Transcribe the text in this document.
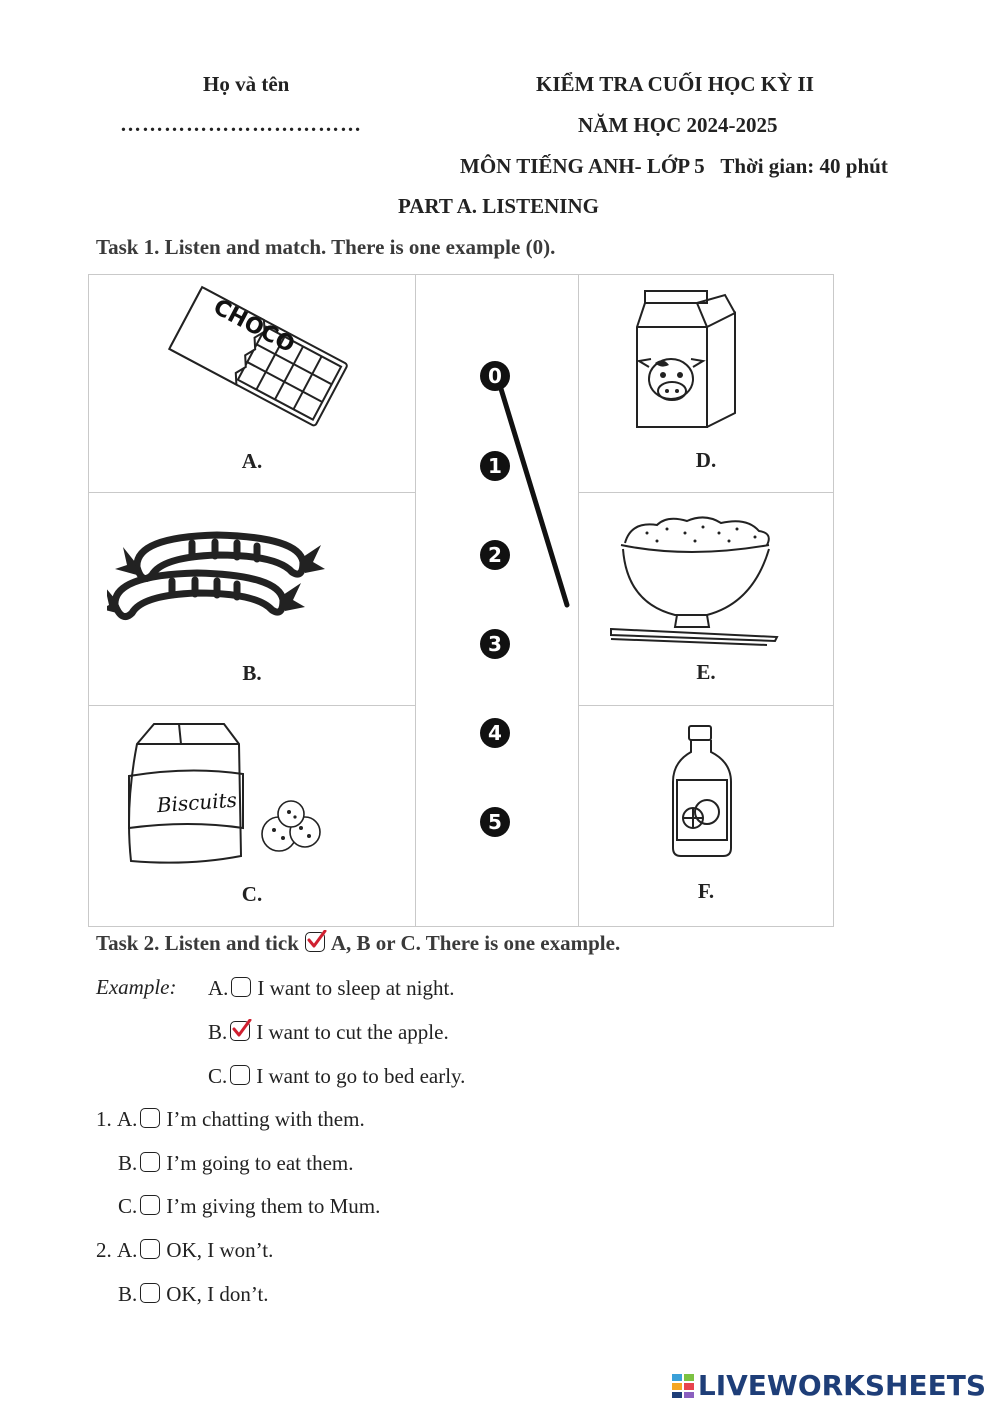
Họ và tên
……………………………
KIỂM TRA CUỐI HỌC KỲ II
NĂM HỌC 2024-2025
MÔN TIẾNG ANH- LỚP 5 Thời gian: 40 phút
PART A. LISTENING
Task 1. Listen and match. There is one example (0).
CHOCO
A.
B.
Biscuits
C.
0
1
2
3
4
5
D.
E.
F.
Task 2. Listen and tick A, B or C. There is one example.
Example: A. I want to sleep at night.
B. I want to cut the apple.
C. I want to go to bed early.
1.
A. I’m chatting with them.
B. I’m going to eat them.
C. I’m giving them to Mum.
2.
A. OK, I won’t.
B. OK, I don’t.
LIVEWORKSHEETS
